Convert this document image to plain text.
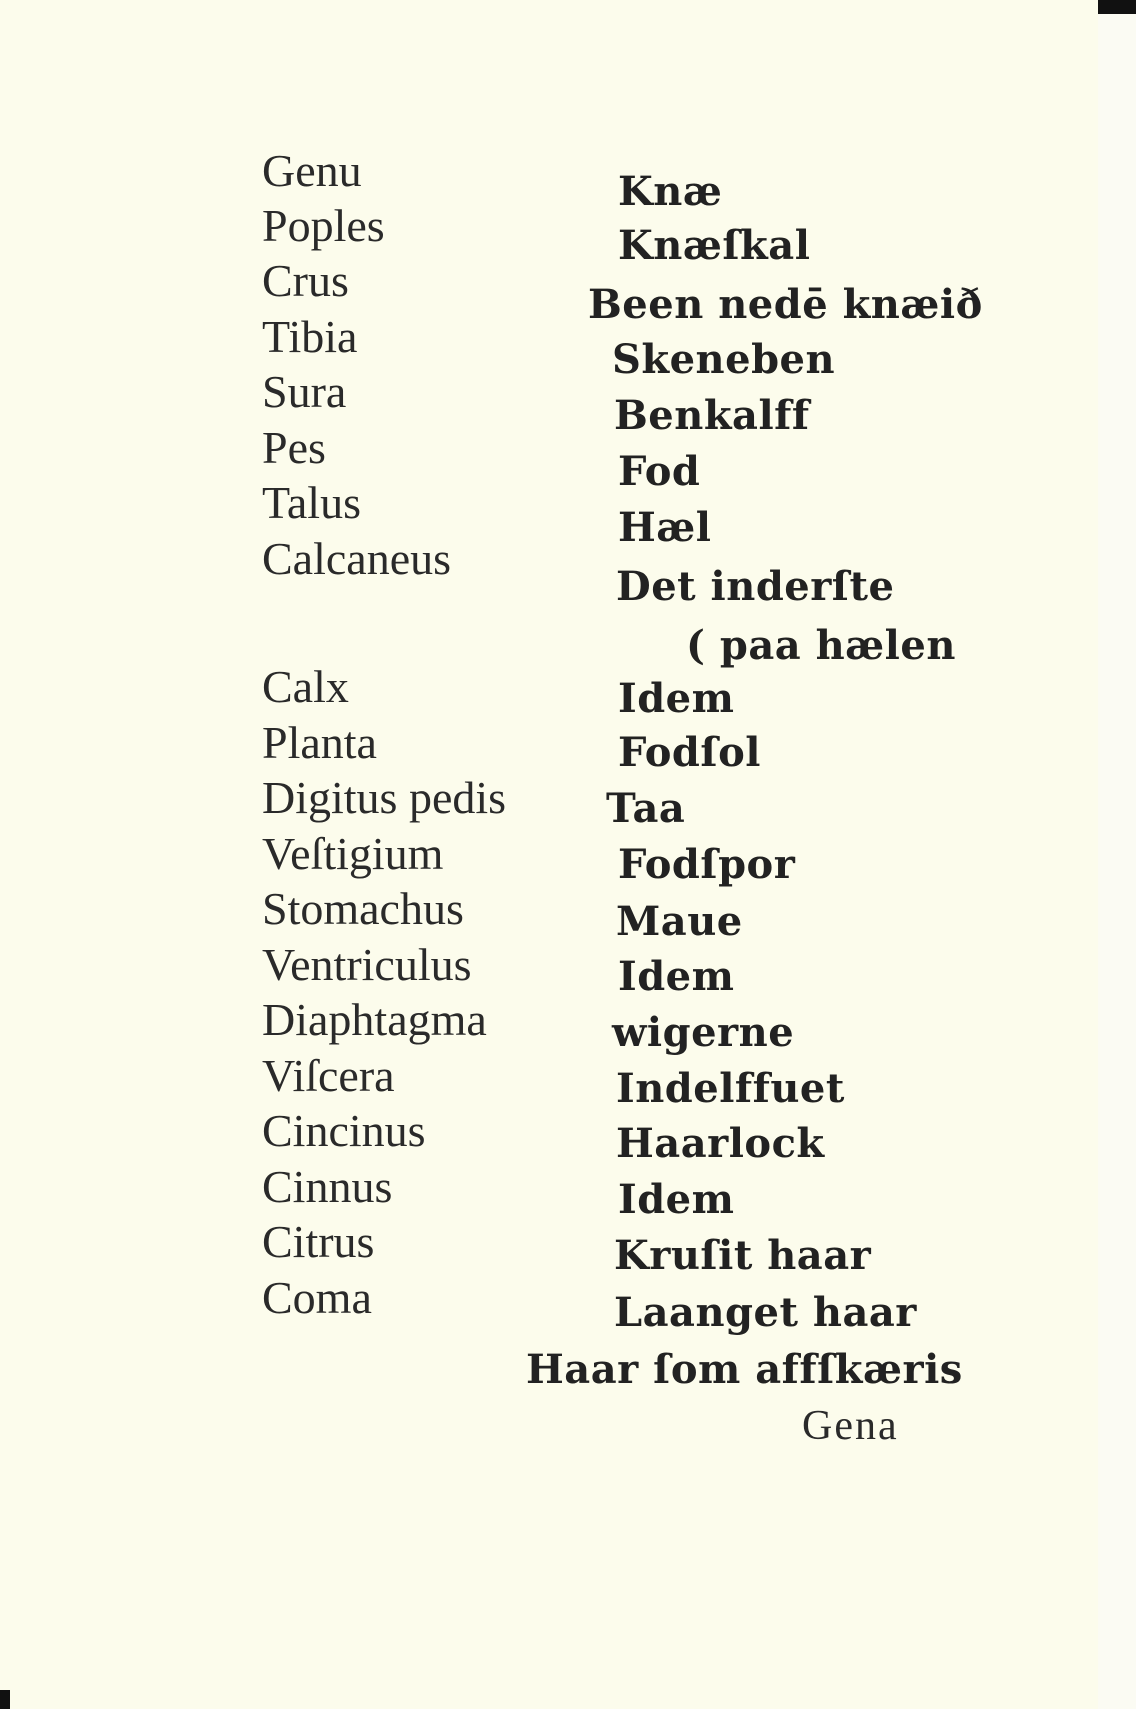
Genu
Poples
Crus
Tibia
Sura
Pes
Talus
Calcaneus
Calx
Planta
Digitus pedis
Veſtigium
Stomachus
Ventriculus
Diaphtagma
Viſcera
Cincinus
Cinnus
Citrus
Coma
Knæ
Knæſkal
Been nedē knæið
Skeneben
Benkalff
Fod
Hæl
Det inderſte
( paa hælen
Idem
Fodſol
Taa
Fodſpor
Maue
Idem
wigerne
Indelffuet
Haarlock
Idem
Kruſit haar
Laanget haar
Haar ſom affſkæris
Gena
